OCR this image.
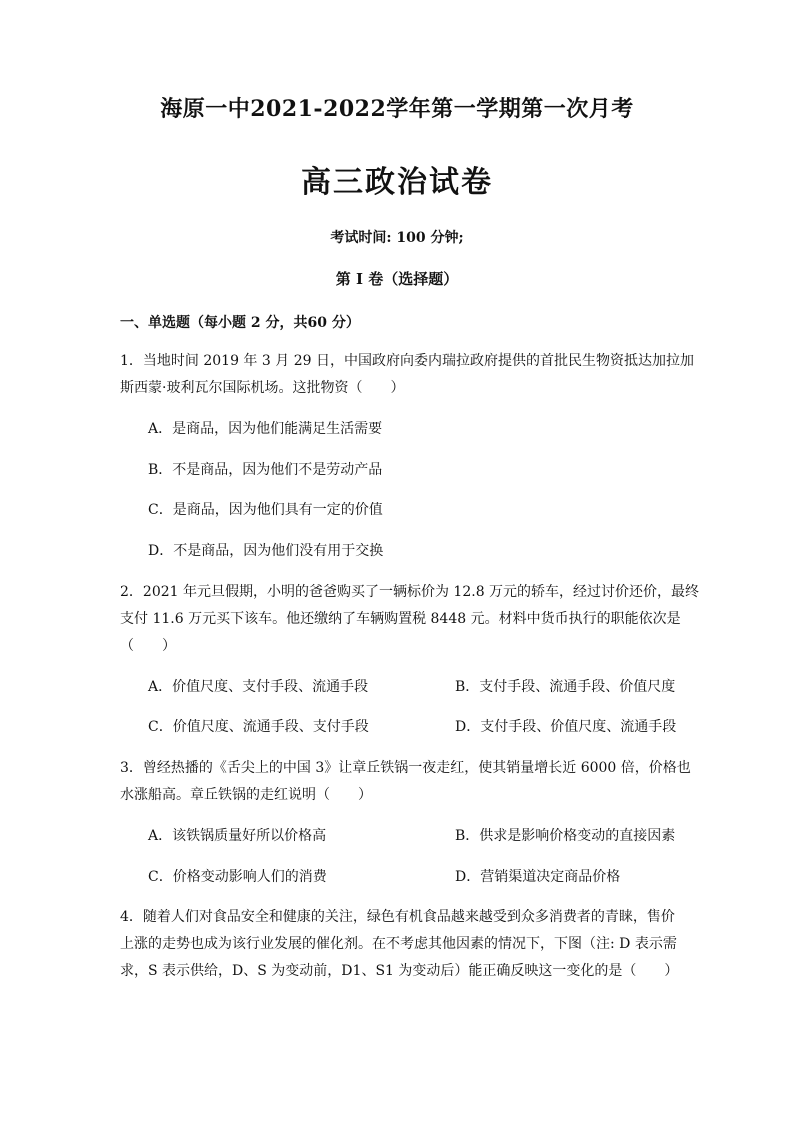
海原一中2021-2022学年第一学期第一次月考
高三政治试卷
考试时间: 100 分钟;
第 I 卷（选择题）
一、单选题（每小题 2 分，共60 分）
1．当地时间 2019 年 3 月 29 日，中国政府向委内瑞拉政府提供的首批民生物资抵达加拉加
斯西蒙·玻利瓦尔国际机场。这批物资（　　）
A．是商品，因为他们能满足生活需要
B．不是商品，因为他们不是劳动产品
C．是商品，因为他们具有一定的价值
D．不是商品，因为他们没有用于交换
2．2021 年元旦假期，小明的爸爸购买了一辆标价为 12.8 万元的轿车，经过讨价还价，最终
支付 11.6 万元买下该车。他还缴纳了车辆购置税 8448 元。材料中货币执行的职能依次是
（　　）
A．价值尺度、支付手段、流通手段	B．支付手段、流通手段、价值尺度
C．价值尺度、流通手段、支付手段	D．支付手段、价值尺度、流通手段
3．曾经热播的《舌尖上的中国 3》让章丘铁锅一夜走红，使其销量增长近 6000 倍，价格也
水涨船高。章丘铁锅的走红说明（　　）
A．该铁锅质量好所以价格高	B．供求是影响价格变动的直接因素
C．价格变动影响人们的消费	D．营销渠道决定商品价格
4．随着人们对食品安全和健康的关注，绿色有机食品越来越受到众多消费者的青睐，售价
上涨的走势也成为该行业发展的催化剂。在不考虑其他因素的情况下，下图（注: D 表示需
求，S 表示供给，D、S 为变动前，D1、S1 为变动后）能正确反映这一变化的是（　　）
